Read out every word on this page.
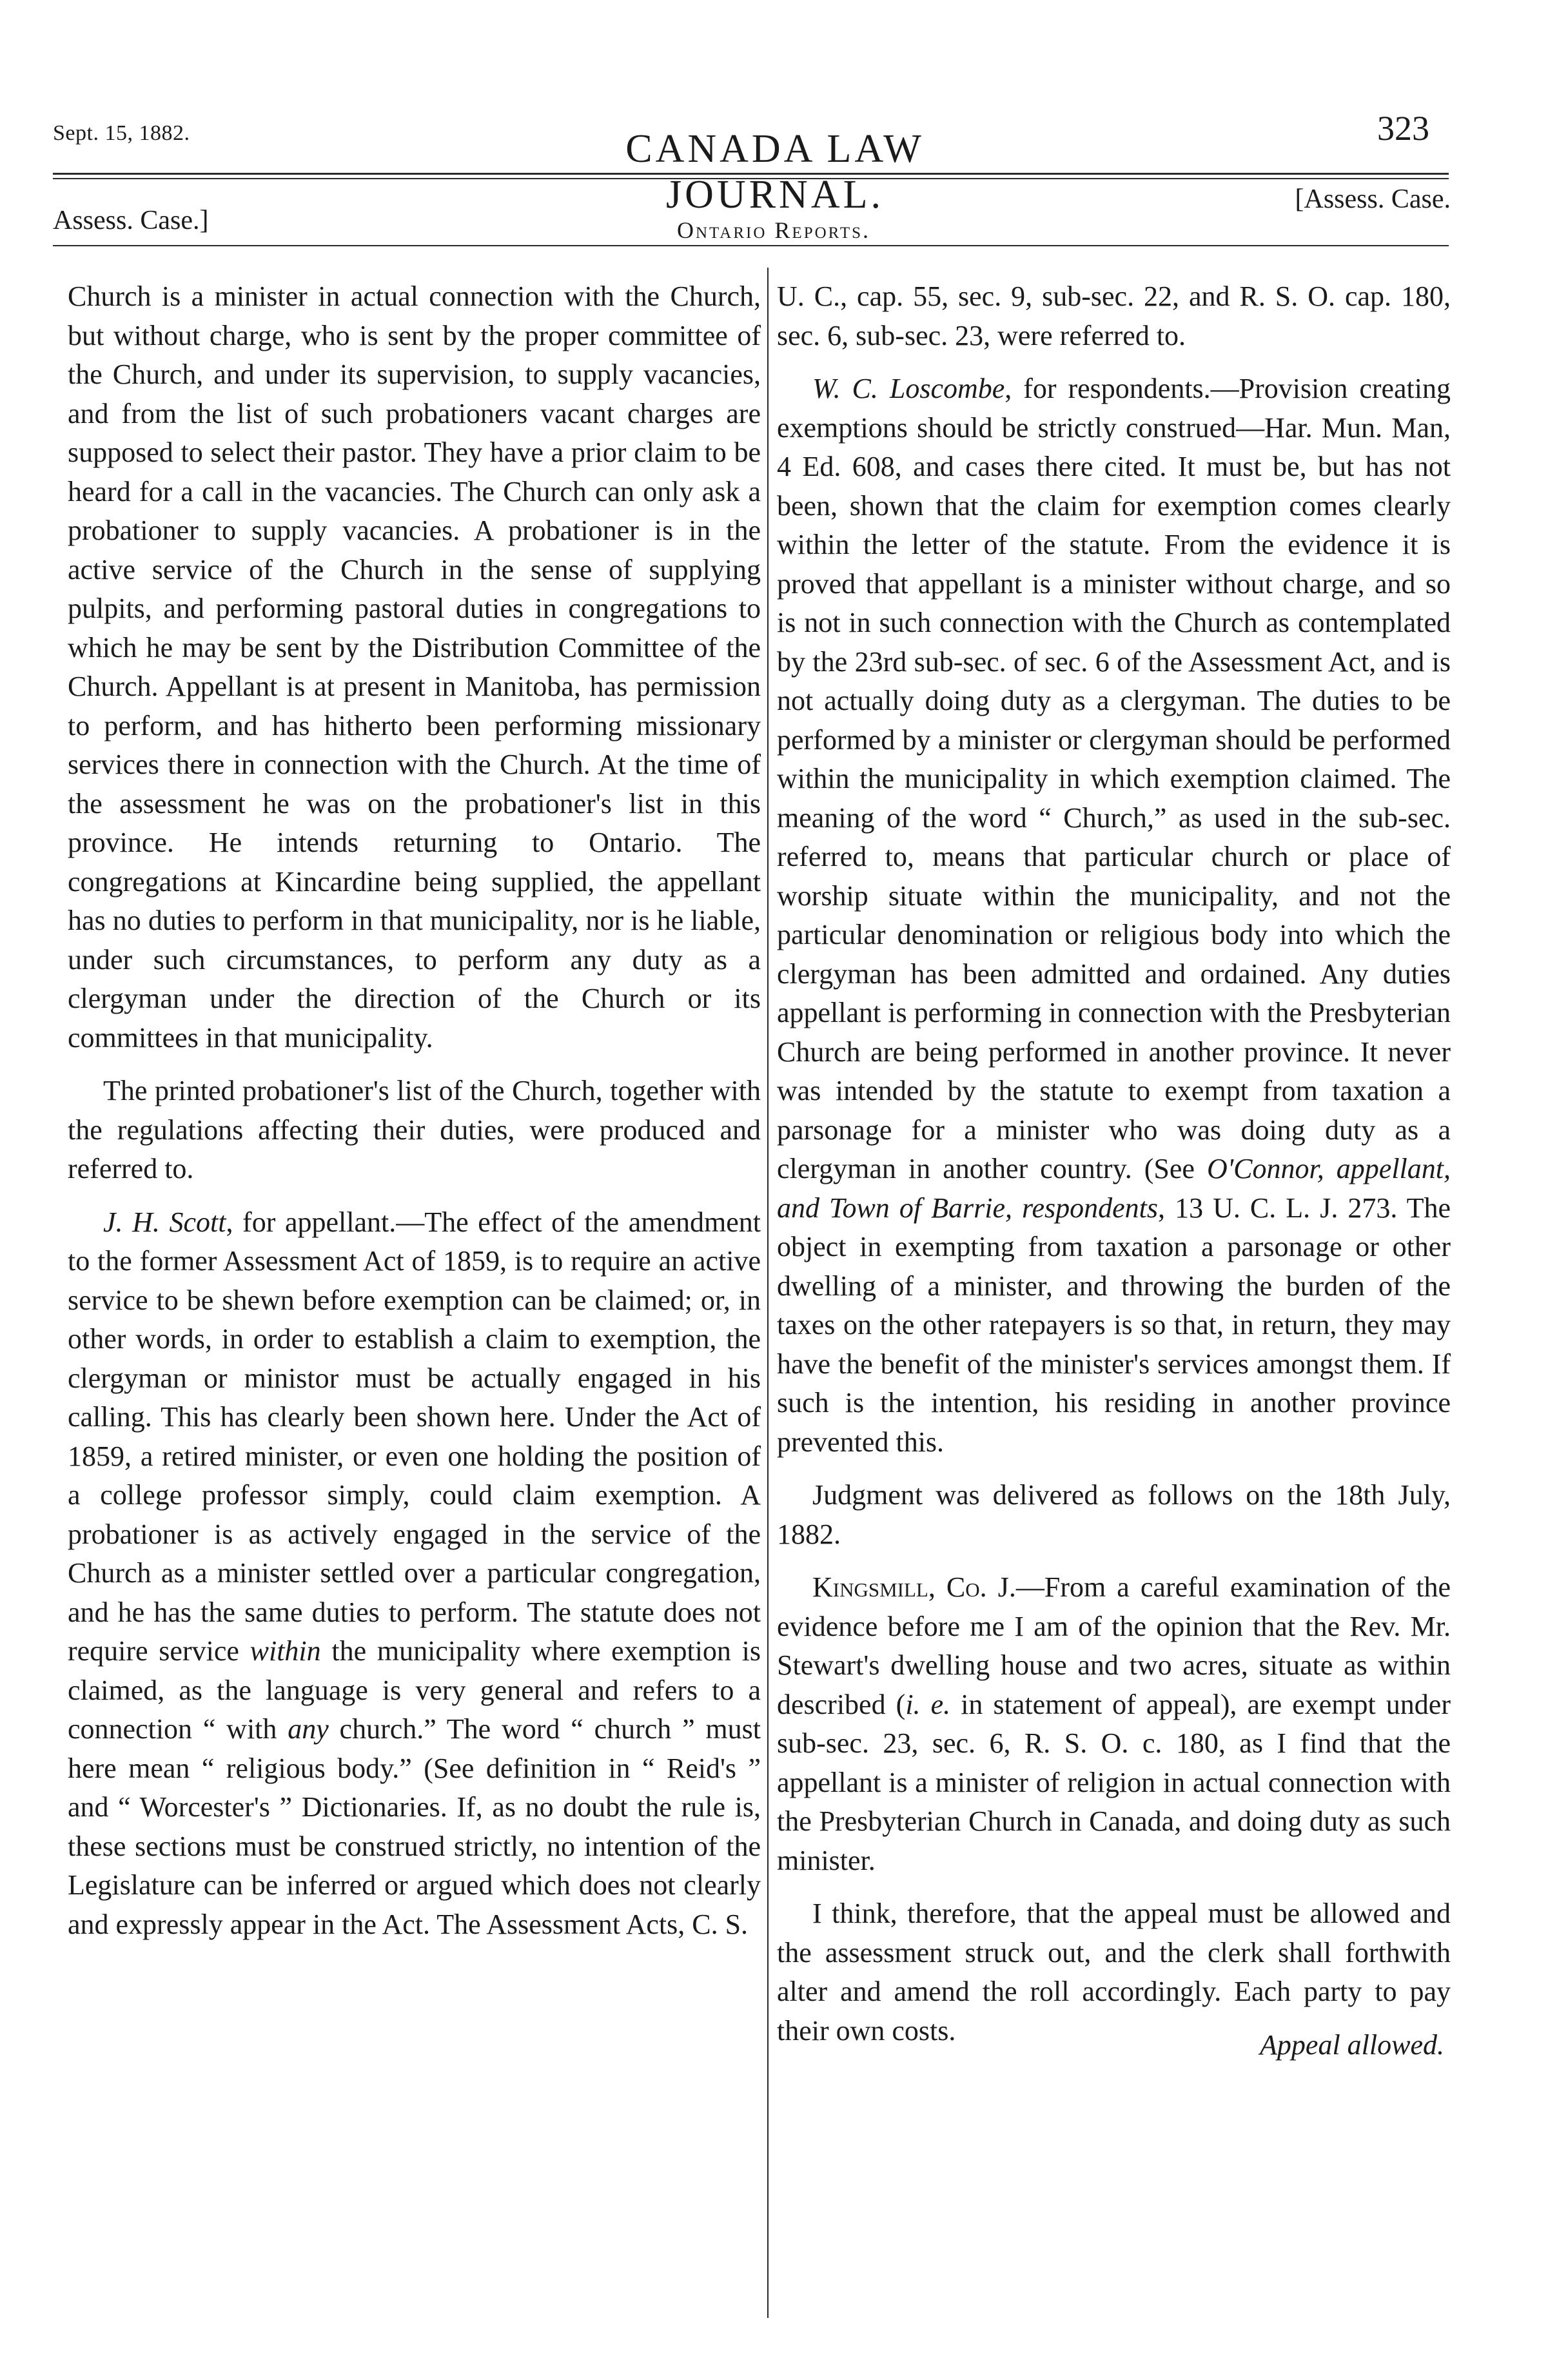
Sept. 15, 1882.	CANADA LAW JOURNAL.
323
Assess. Case.]	Ontario Reports.
[Assess. Case.

Church is a minister in actual connection with the Church, but without charge, who is sent by the proper committee of the Church, and under its supervision, to supply vacancies, and from the list of such probationers vacant charges are supposed to select their pastor. They have a prior claim to be heard for a call in the vacancies. The Church can only ask a probationer to supply vacancies. A probationer is in the active service of the Church in the sense of supplying pulpits, and performing pastoral duties in congregations to which he may be sent by the Distribution Committee of the Church. Appellant is at present in Manitoba, has permission to perform, and has hitherto been performing missionary services there in connection with the Church. At the time of the assessment he was on the probationer's list in this province. He intends returning to Ontario. The congregations at Kincardine being supplied, the appellant has no duties to perform in that municipality, nor is he liable, under such circumstances, to perform any duty as a clergyman under the direction of the Church or its committees in that municipality.

The printed probationer's list of the Church, together with the regulations affecting their duties, were produced and referred to.

J. H. Scott, for appellant.—The effect of the amendment to the former Assessment Act of 1859, is to require an active service to be shewn before exemption can be claimed; or, in other words, in order to establish a claim to exemption, the clergyman or ministor must be actually engaged in his calling. This has clearly been shown here. Under the Act of 1859, a retired minister, or even one holding the position of a college professor simply, could claim exemption. A probationer is as actively engaged in the service of the Church as a minister settled over a particular congregation, and he has the same duties to perform. The statute does not require service within the municipality where exemption is claimed, as the language is very general and refers to a connection “ with any church.” The word “ church ” must here mean “ religious body.” (See definition in “ Reid's ” and “ Worcester's ” Dictionaries. If, as no doubt the rule is, these sections must be construed strictly, no intention of the Legislature can be inferred or argued which does not clearly and expressly appear in the Act. The Assessment Acts, C. S.

U. C., cap. 55, sec. 9, sub-sec. 22, and R. S. O. cap. 180, sec. 6, sub-sec. 23, were referred to.

W. C. Loscombe, for respondents.—Provision creating exemptions should be strictly construed—Har. Mun. Man, 4 Ed. 608, and cases there cited. It must be, but has not been, shown that the claim for exemption comes clearly within the letter of the statute. From the evidence it is proved that appellant is a minister without charge, and so is not in such connection with the Church as contemplated by the 23rd sub-sec. of sec. 6 of the Assessment Act, and is not actually doing duty as a clergyman. The duties to be performed by a minister or clergyman should be performed within the municipality in which exemption claimed. The meaning of the word “ Church,” as used in the sub-sec. referred to, means that particular church or place of worship situate within the municipality, and not the particular denomination or religious body into which the clergyman has been admitted and ordained. Any duties appellant is performing in connection with the Presbyterian Church are being performed in another province. It never was intended by the statute to exempt from taxation a parsonage for a minister who was doing duty as a clergyman in another country. (See O'Connor, appellant, and Town of Barrie, respondents, 13 U. C. L. J. 273. The object in exempting from taxation a parsonage or other dwelling of a minister, and throwing the burden of the taxes on the other ratepayers is so that, in return, they may have the benefit of the minister's services amongst them. If such is the intention, his residing in another province prevented this.

Judgment was delivered as follows on the 18th July, 1882.

Kingsmill, Co. J.—From a careful examination of the evidence before me I am of the opinion that the Rev. Mr. Stewart's dwelling house and two acres, situate as within described (i. e. in statement of appeal), are exempt under sub-sec. 23, sec. 6, R. S. O. c. 180, as I find that the appellant is a minister of religion in actual connection with the Presbyterian Church in Canada, and doing duty as such minister.

I think, therefore, that the appeal must be allowed and the assessment struck out, and the clerk shall forthwith alter and amend the roll accordingly. Each party to pay their own costs.	Appeal allowed.
